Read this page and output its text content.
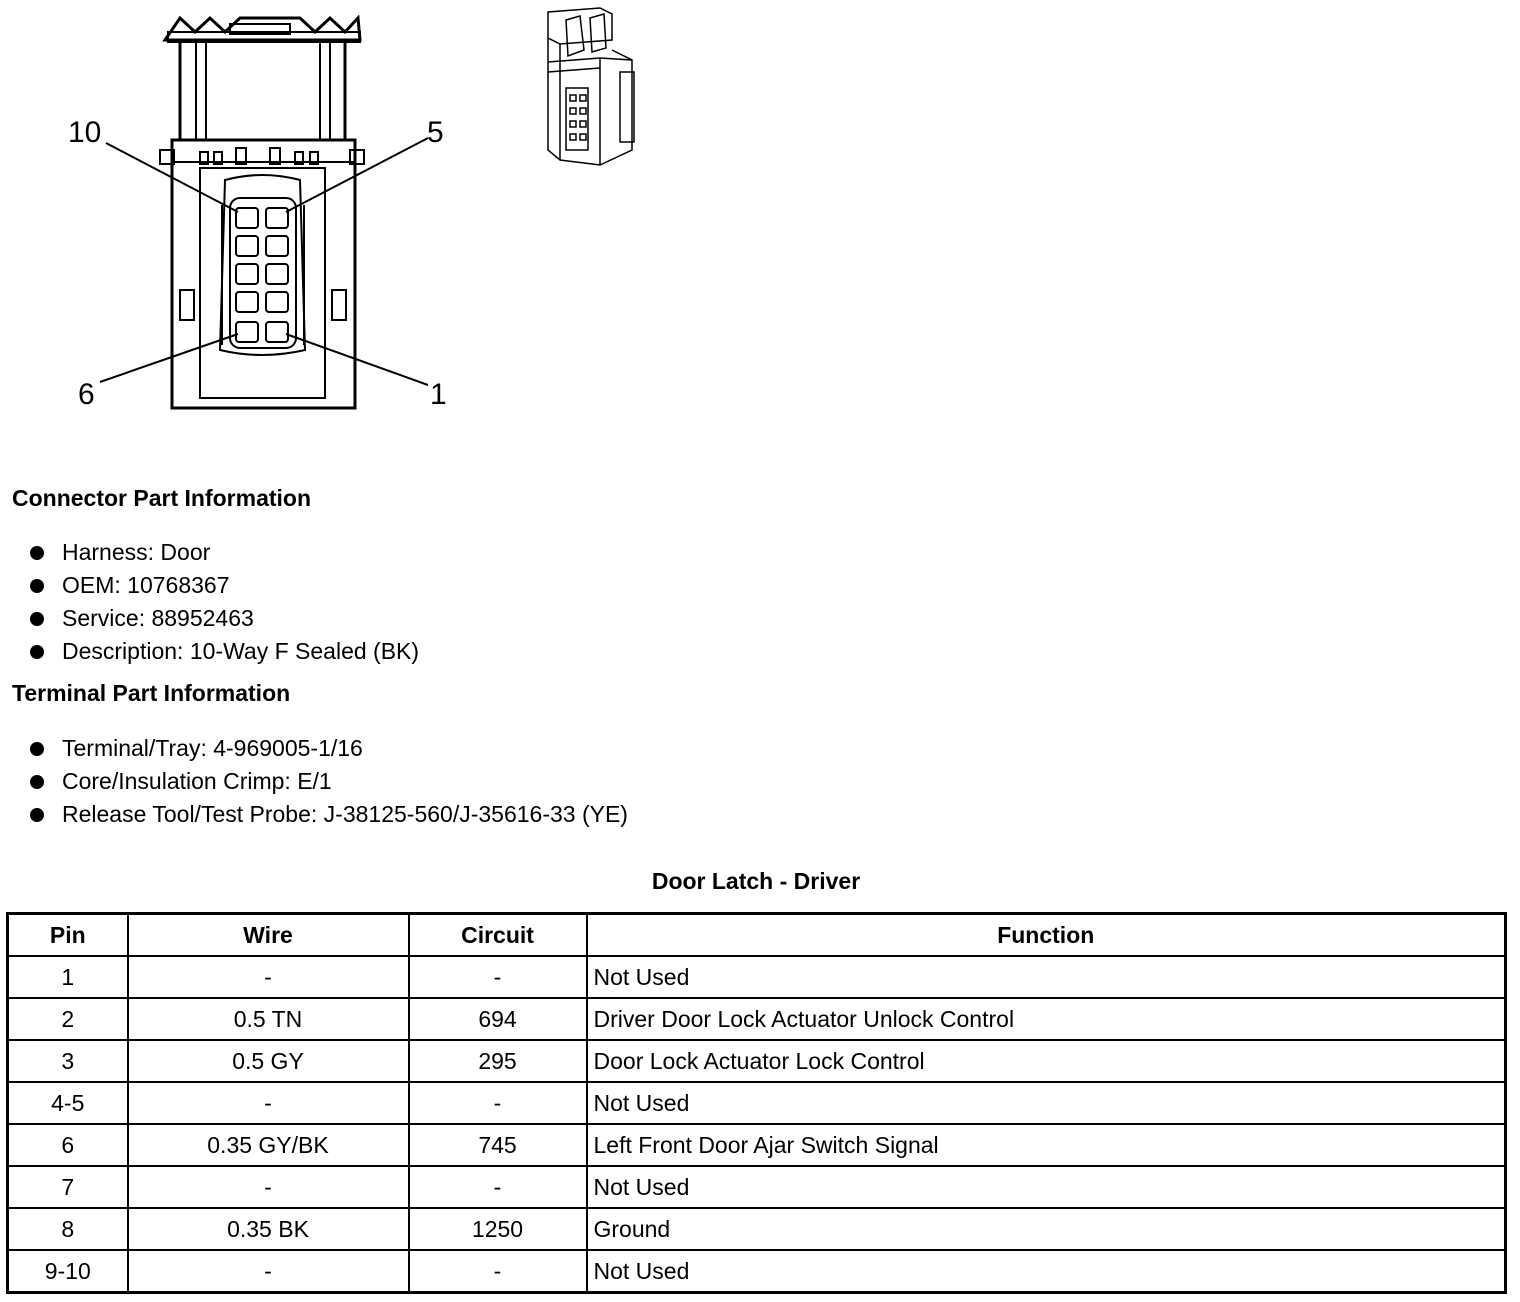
10	5
6	1
Connector Part Information
Harness: Door
OEM: 10768367
Service: 88952463
Description: 10-Way F Sealed (BK)
Terminal Part Information
Terminal/Tray: 4-969005-1/16
Core/Insulation Crimp: E/1
Release Tool/Test Probe: J-38125-560/J-35616-33 (YE)
Door Latch - Driver
Pin	Wire	Circuit	Function
1	-	-	Not Used
2	0.5 TN	694	Driver Door Lock Actuator Unlock Control
3	0.5 GY	295	Door Lock Actuator Lock Control
4-5	-	-	Not Used
6	0.35 GY/BK	745	Left Front Door Ajar Switch Signal
7	-	-	Not Used
8	0.35 BK	1250	Ground
9-10	-	-	Not Used
